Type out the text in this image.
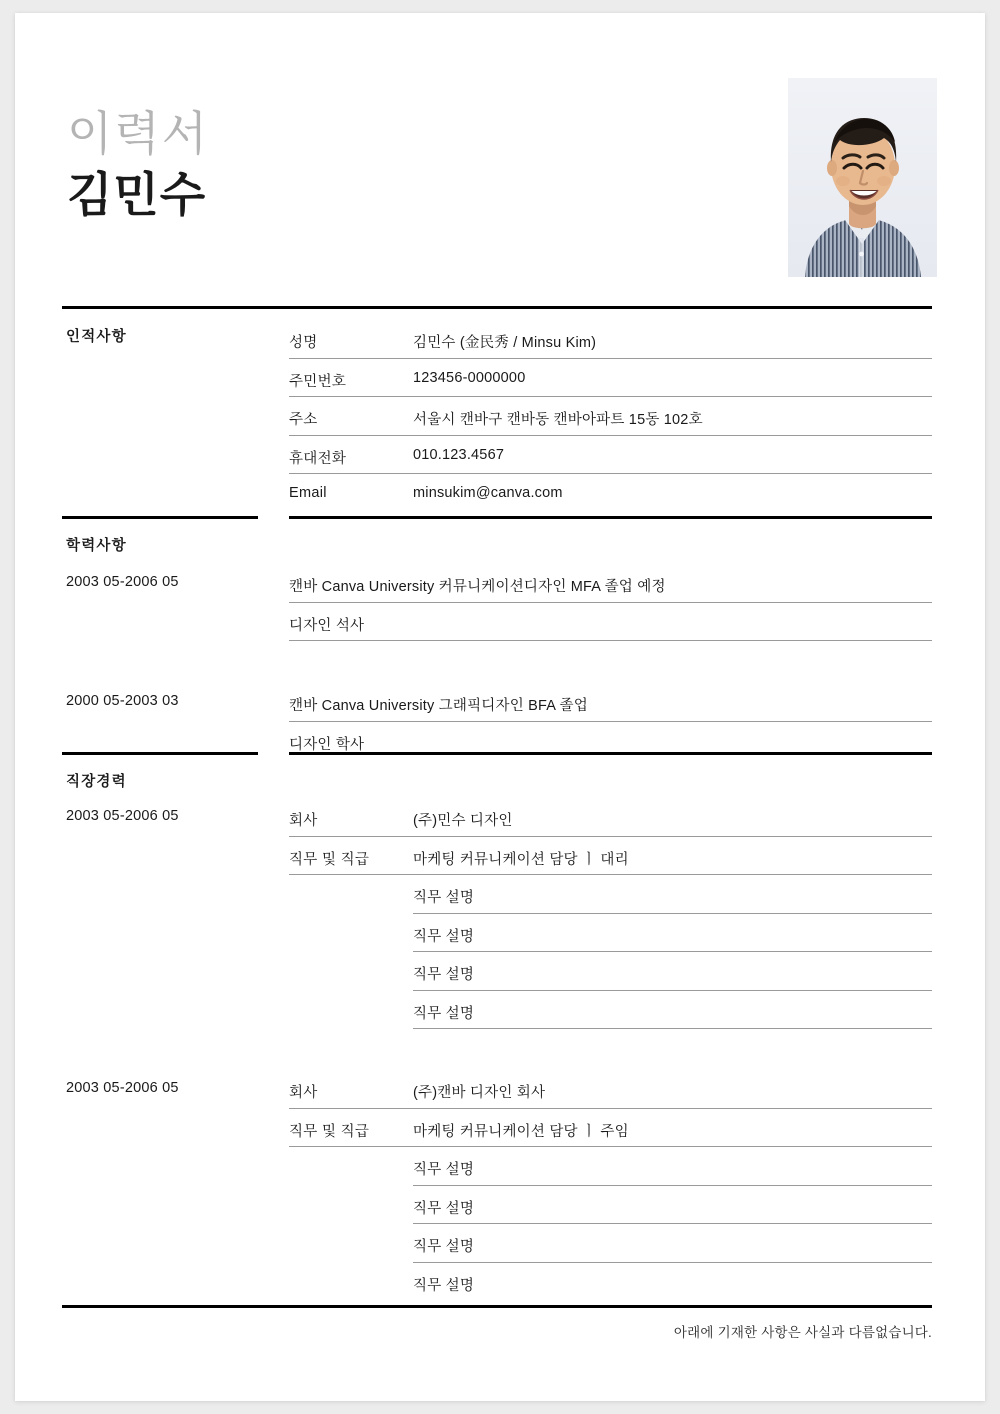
이력서
김민수
인적사항	성명	김민수 (金民秀 / Minsu Kim)
주민번호	123456-0000000
주소	서울시 캔바구 캔바동 캔바아파트 15동 102호
휴대전화	010.123.4567
Email	minsukim@canva.com
학력사항
2003 05-2006 05	캔바 Canva University 커뮤니케이션디자인 MFA 졸업 예정
디자인 석사
2000 05-2003 03	캔바 Canva University 그래픽디자인 BFA 졸업
디자인 학사
직장경력
2003 05-2006 05	회사	(주)민수 디자인
직무 및 직급	마케팅 커뮤니케이션 담당 ㅣ 대리
직무 설명
직무 설명
직무 설명
직무 설명
2003 05-2006 05	회사	(주)캔바 디자인 회사
직무 및 직급	마케팅 커뮤니케이션 담당 ㅣ 주임
직무 설명
직무 설명
직무 설명
직무 설명
아래에 기재한 사항은 사실과 다름없습니다.
